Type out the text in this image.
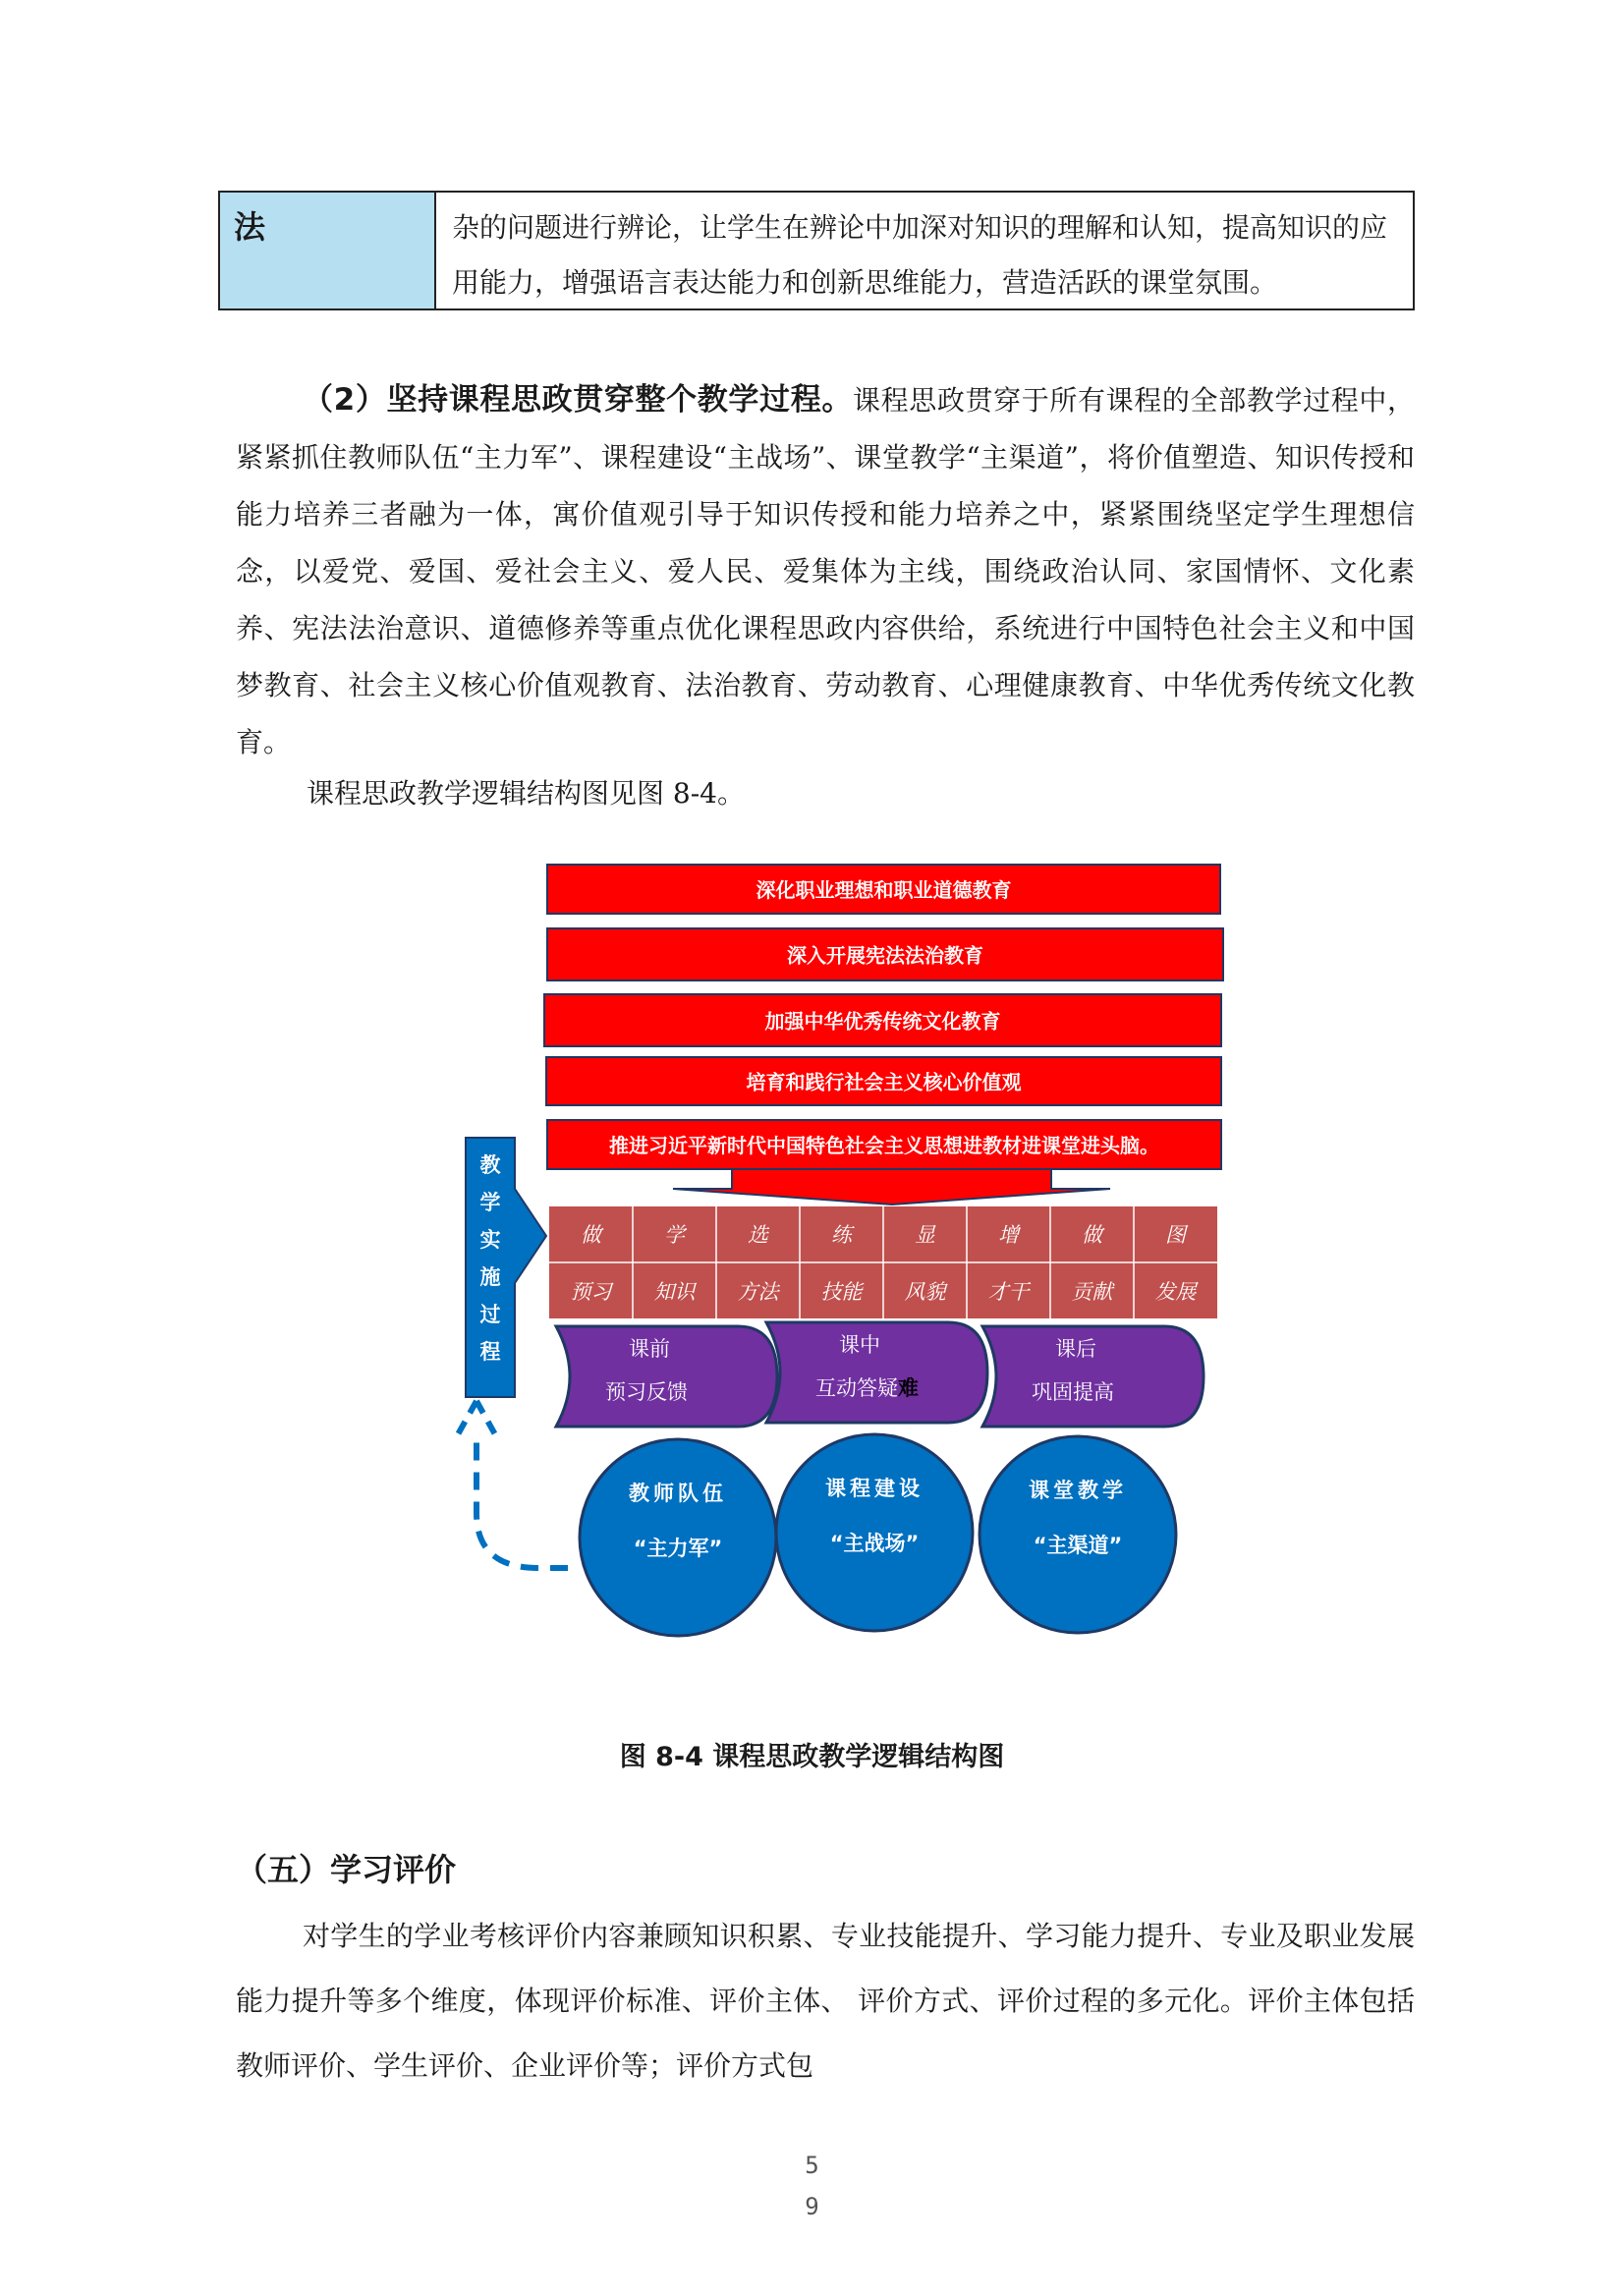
法	杂的问题进行辨论，让学生在辨论中加深对知识的理解和认知，提高知识的应用能力，增强语言表达能力和创新思维能力，营造活跃的课堂氛围。

（2）坚持课程思政贯穿整个教学过程。课程思政贯穿于所有课程的全部教学过程中，紧紧抓住教师队伍“主力军”、课程建设“主战场”、课堂教学“主渠道”，将价值塑造、知识传授和能力培养三者融为一体，寓价值观引导于知识传授和能力培养之中，紧紧围绕坚定学生理想信念，以爱党、爱国、爱社会主义、爱人民、爱集体为主线，围绕政治认同、家国情怀、文化素养、宪法法治意识、道德修养等重点优化课程思政内容供给，系统进行中国特色社会主义和中国梦教育、社会主义核心价值观教育、法治教育、劳动教育、心理健康教育、中华优秀传统文化教育。

课程思政教学逻辑结构图见图 8-4。
深化职业理想和职业道德教育
深入开展宪法法治教育
加强中华优秀传统文化教育
培育和践行社会主义核心价值观
推进习近平新时代中国特色社会主义思想进教材进课堂进头脑。
教
学
实
施
过
程
做
预习
学
知识
选
方法
练
技能
显
风貌
增
才干
做
贡献
图
发展
课前
预习反馈
课中
互动答疑难
课后
巩固提高
教师队伍
“主力军”
课程建设
“主战场”
课堂教学
“主渠道”
图 8-4 课程思政教学逻辑结构图
（五）学习评价

对学生的学业考核评价内容兼顾知识积累、专业技能提升、学习能力提升、专业及职业发展能力提升等多个维度，体现评价标准、评价主体、 评价方式、评价过程的多元化。评价主体包括教师评价、学生评价、企业评价等；评价方式包

5
9
